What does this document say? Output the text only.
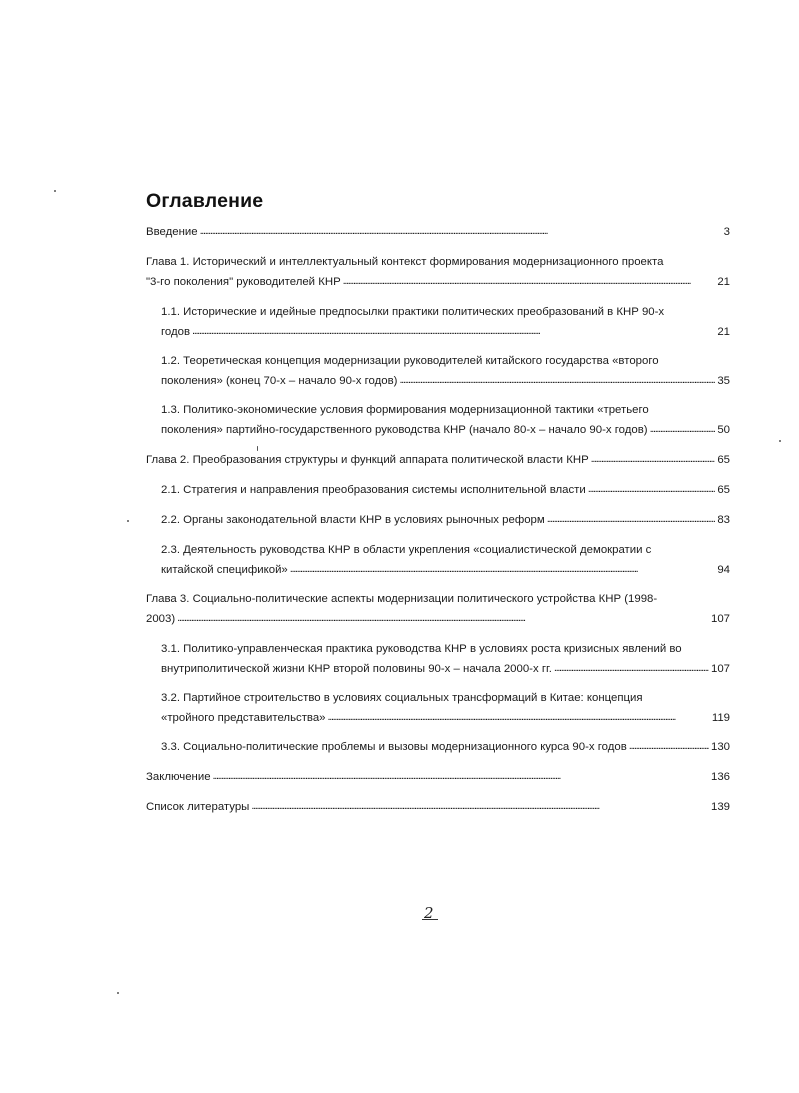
Оглавление
Введение . . .	3
Глава 1. Исторический и интеллектуальный контекст формирования модернизационного проекта
"3-го поколения" руководителей КНР . . .	21
1.1. Исторические и идейные предпосылки практики политических преобразований в КНР 90-х
годов . . .	21
1.2. Теоретическая концепция модернизации руководителей китайского государства «второго
поколения» (конец 70-х – начало 90-х годов) . . .	35
1.3. Политико-экономические условия формирования модернизационной тактики «третьего
поколения» партийно-государственного руководства КНР (начало 80-х – начало 90-х годов) . . .	50
Глава 2. Преобразования структуры и функций аппарата политической власти КНР . . .	65
2.1. Стратегия и направления преобразования системы исполнительной власти . . .	65
2.2. Органы законодательной власти КНР в условиях рыночных реформ . . .	83
2.3. Деятельность руководства КНР в области укрепления «социалистической демократии с
китайской спецификой» . . .	94
Глава 3. Социально-политические аспекты модернизации политического устройства КНР (1998-
2003) . . .	107
3.1. Политико-управленческая практика руководства КНР в условиях роста кризисных явлений во
внутриполитической жизни КНР второй половины 90-х – начала 2000-х гг. . . .	107
3.2. Партийное строительство в условиях социальных трансформаций в Китае: концепция
«тройного представительства» . . .	119
3.3. Социально-политические проблемы и вызовы модернизационного курса 90-х годов . . .	130
Заключение . . .	136
Список литературы . . .	139
2
